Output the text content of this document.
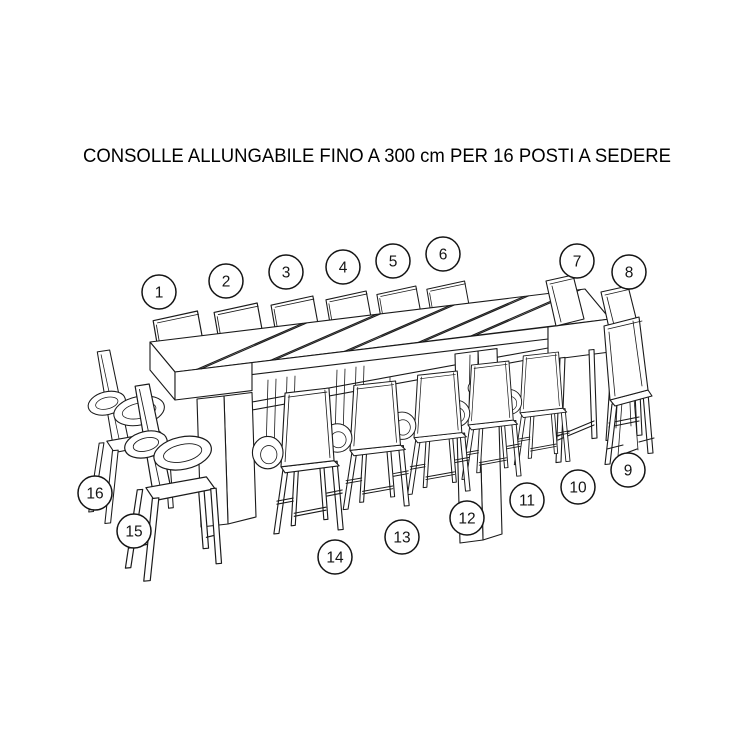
CONSOLLE ALLUNGABILE FINO A 300 cm PER 16 POSTI A SEDERE
1
2
3	4	5	6	7
8
9
10
11
12
13
14
15
16
